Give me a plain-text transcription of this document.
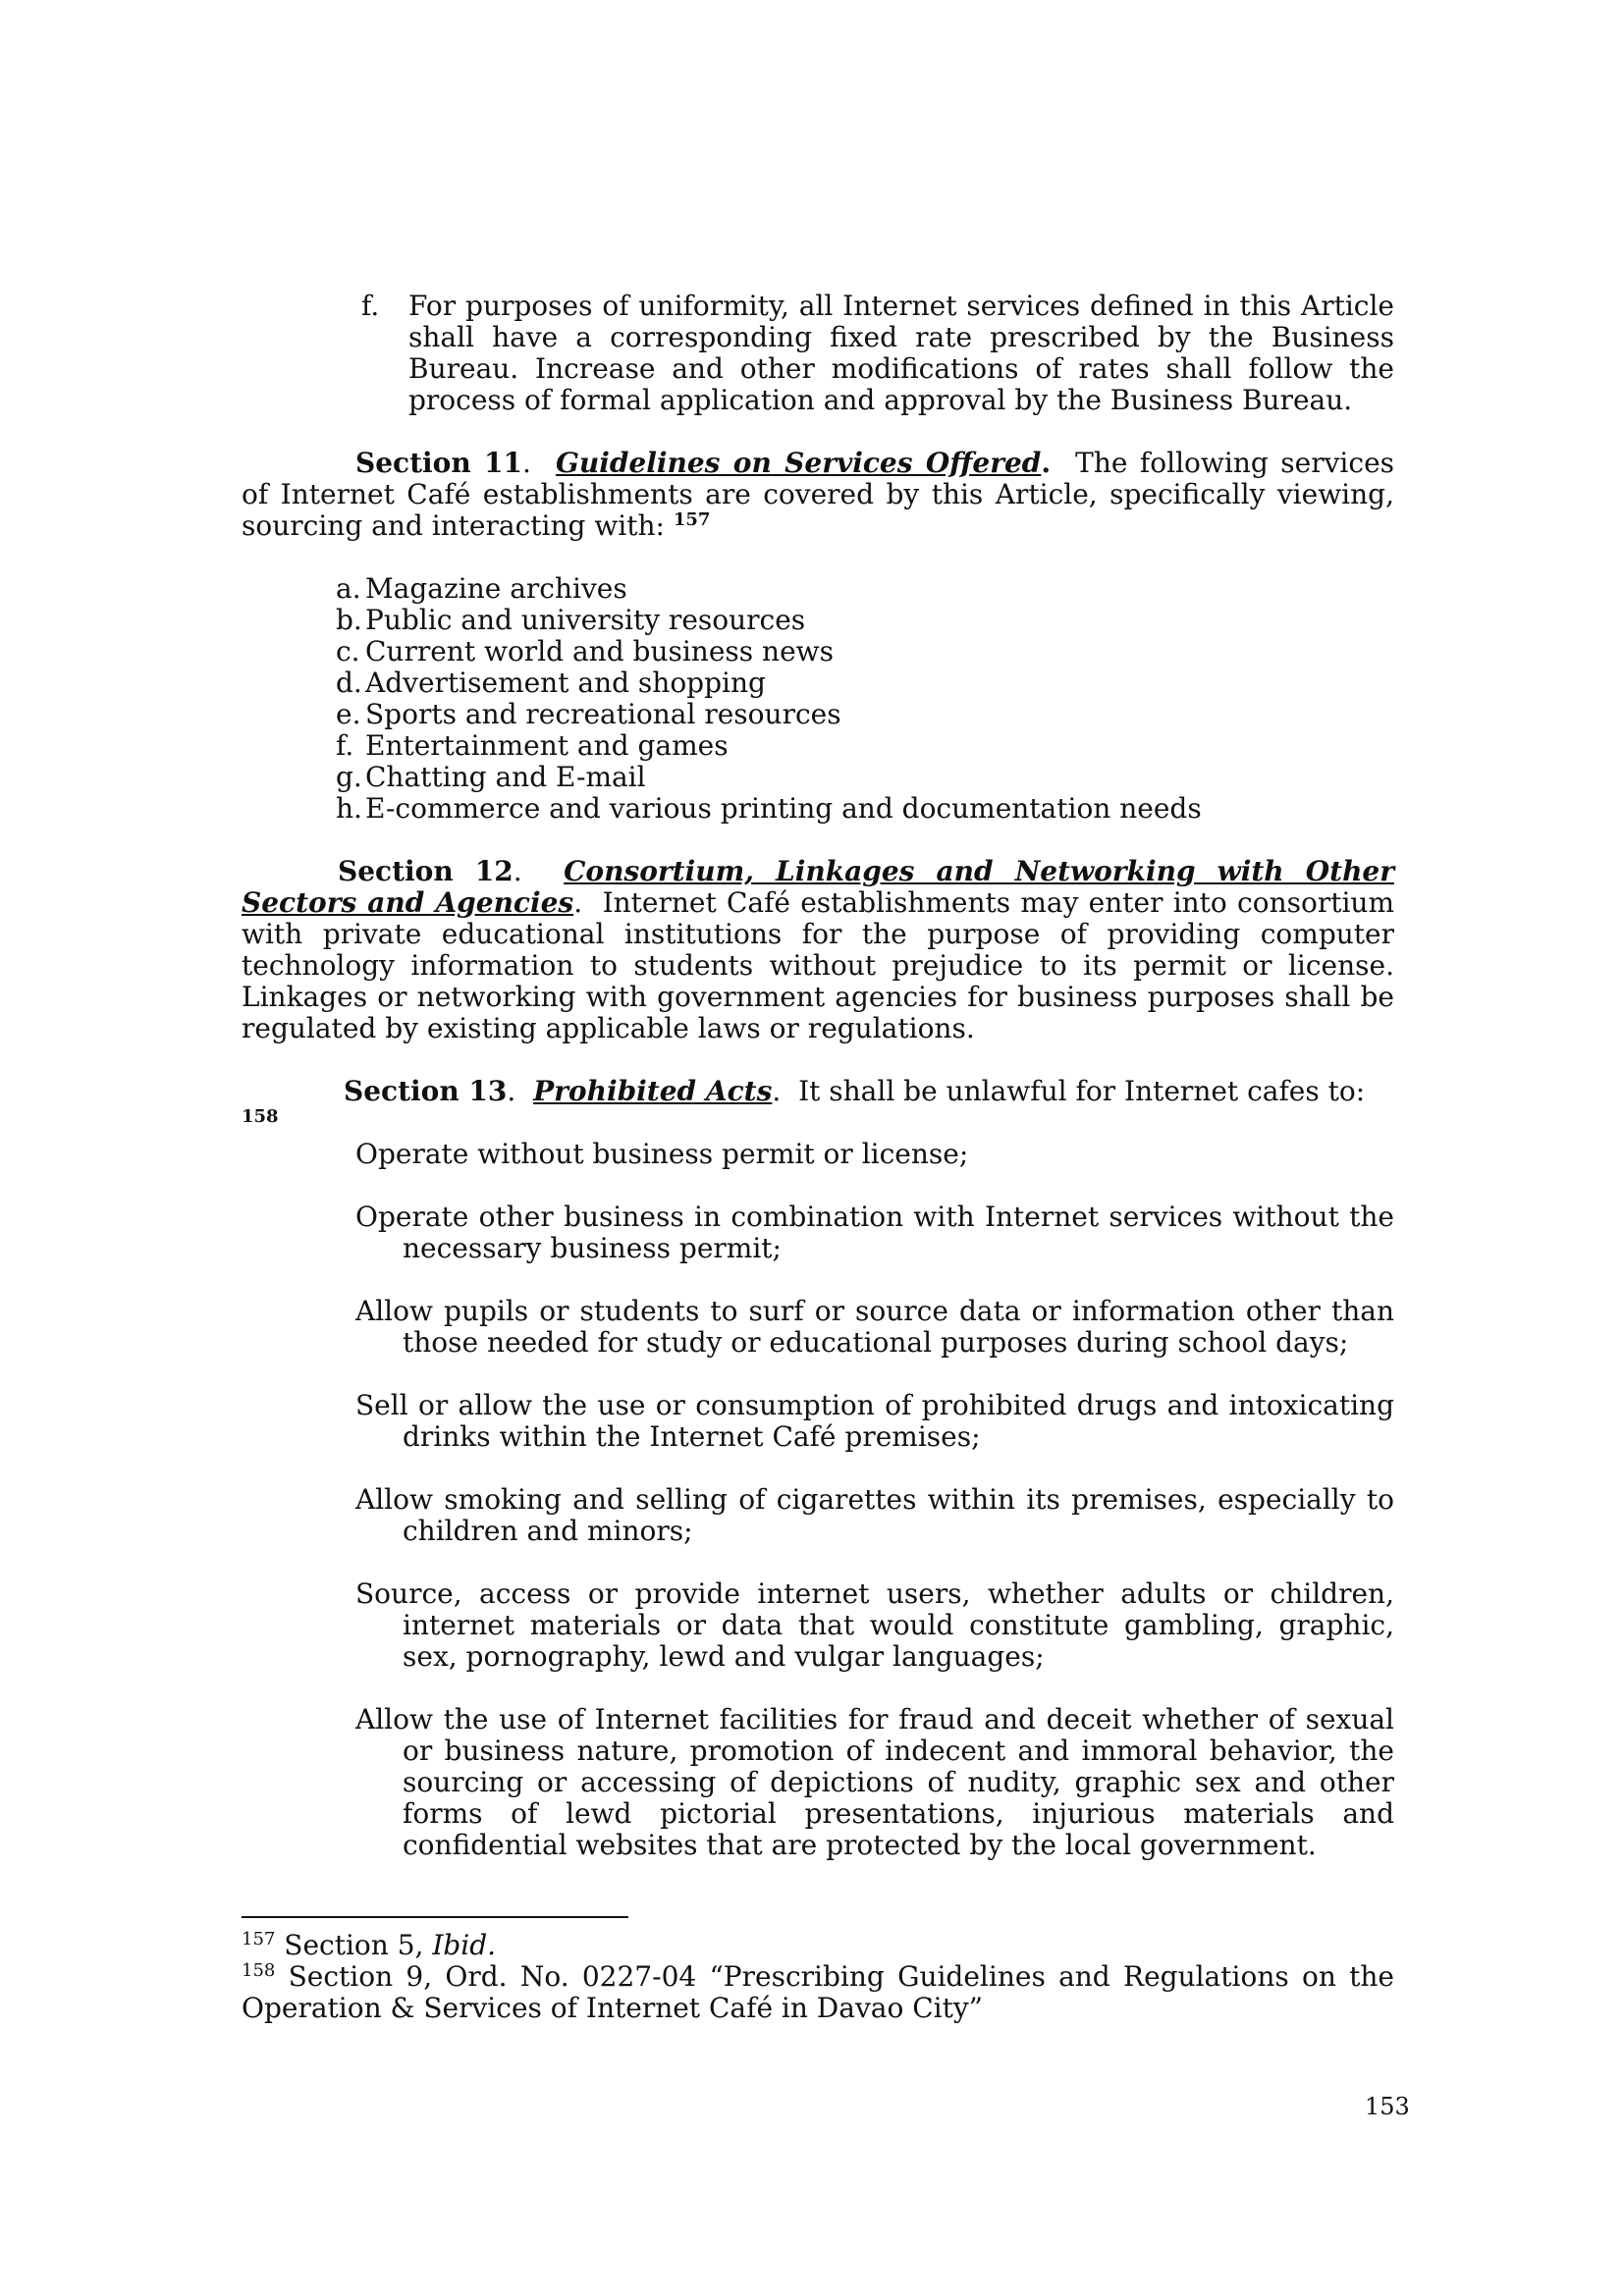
f. For purposes of uniformity, all Internet services defined in this Article shall have a corresponding fixed rate prescribed by the Business Bureau. Increase and other modifications of rates shall follow the process of formal application and approval by the Business Bureau.
Section 11.  Guidelines on Services Offered. The following services of Internet Café establishments are covered by this Article, specifically viewing, sourcing and interacting with: $^{157}$
a. Magazine archives
b. Public and university resources
c. Current world and business news
d. Advertisement and shopping
e. Sports and recreational resources
f. Entertainment and games
g. Chatting and E-mail
h. E-commerce and various printing and documentation needs
Section 12.  Consortium, Linkages and Networking with Other Sectors and Agencies.  Internet Café establishments may enter into consortium with private educational institutions for the purpose of providing computer technology information to students without prejudice to its permit or license. Linkages or networking with government agencies for business purposes shall be regulated by existing applicable laws or regulations.
Section 13.  Prohibited Acts.  It shall be unlawful for Internet cafes to: $^{158}$
Operate without business permit or license;
Operate other business in combination with Internet services without the necessary business permit;
Allow pupils or students to surf or source data or information other than those needed for study or educational purposes during school days;
Sell or allow the use or consumption of prohibited drugs and intoxicating drinks within the Internet Café premises;
Allow smoking and selling of cigarettes within its premises, especially to children and minors;
Source, access or provide internet users, whether adults or children, internet materials or data that would constitute gambling, graphic, sex, pornography, lewd and vulgar languages;
Allow the use of Internet facilities for fraud and deceit whether of sexual or business nature, promotion of indecent and immoral behavior, the sourcing or accessing of depictions of nudity, graphic sex and other forms of lewd pictorial presentations, injurious materials and confidential websites that are protected by the local government.
$^{157}$ Section 5, Ibid.
$^{158}$ Section 9, Ord. No. 0227-04 “Prescribing Guidelines and Regulations on the Operation & Services of Internet Café in Davao City”
153
